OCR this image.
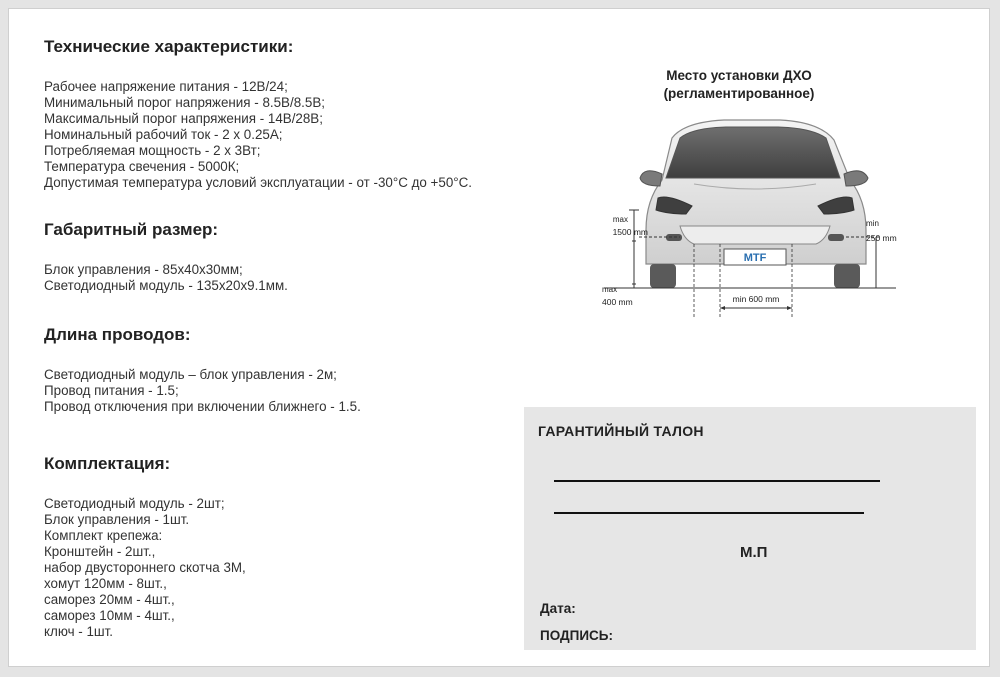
Технические характеристики:
Рабочее напряжение питания - 12В/24;
Минимальный порог напряжения - 8.5В/8.5В;
Максимальный порог напряжения - 14В/28В;
Номинальный рабочий ток - 2 х 0.25А;
Потребляемая мощность - 2 х 3Вт;
Температура свечения - 5000К;
Допустимая температура условий эксплуатации - от -30°С до +50°С.
Габаритный размер:
Блок управления - 85х40х30мм;
Светодиодный модуль - 135х20х9.1мм.
Длина проводов:
Светодиодный модуль – блок управления - 2м;
Провод питания - 1.5;
Провод отключения при включении ближнего - 1.5.
Комплектация:
Светодиодный модуль - 2шт;
Блок управления - 1шт.
Комплект крепежа:
Кронштейн - 2шт.,
набор двустороннего скотча 3М,
хомут 120мм - 8шт.,
саморез 20мм - 4шт.,
саморез 10мм - 4шт.,
ключ - 1шт.
Место установки ДХО
(регламентированное)
MTF
max
1500 mm
max
400 mm
min
250 mm
min 600 mm
ГАРАНТИЙНЫЙ ТАЛОН
М.П
Дата:
ПОДПИСЬ:
